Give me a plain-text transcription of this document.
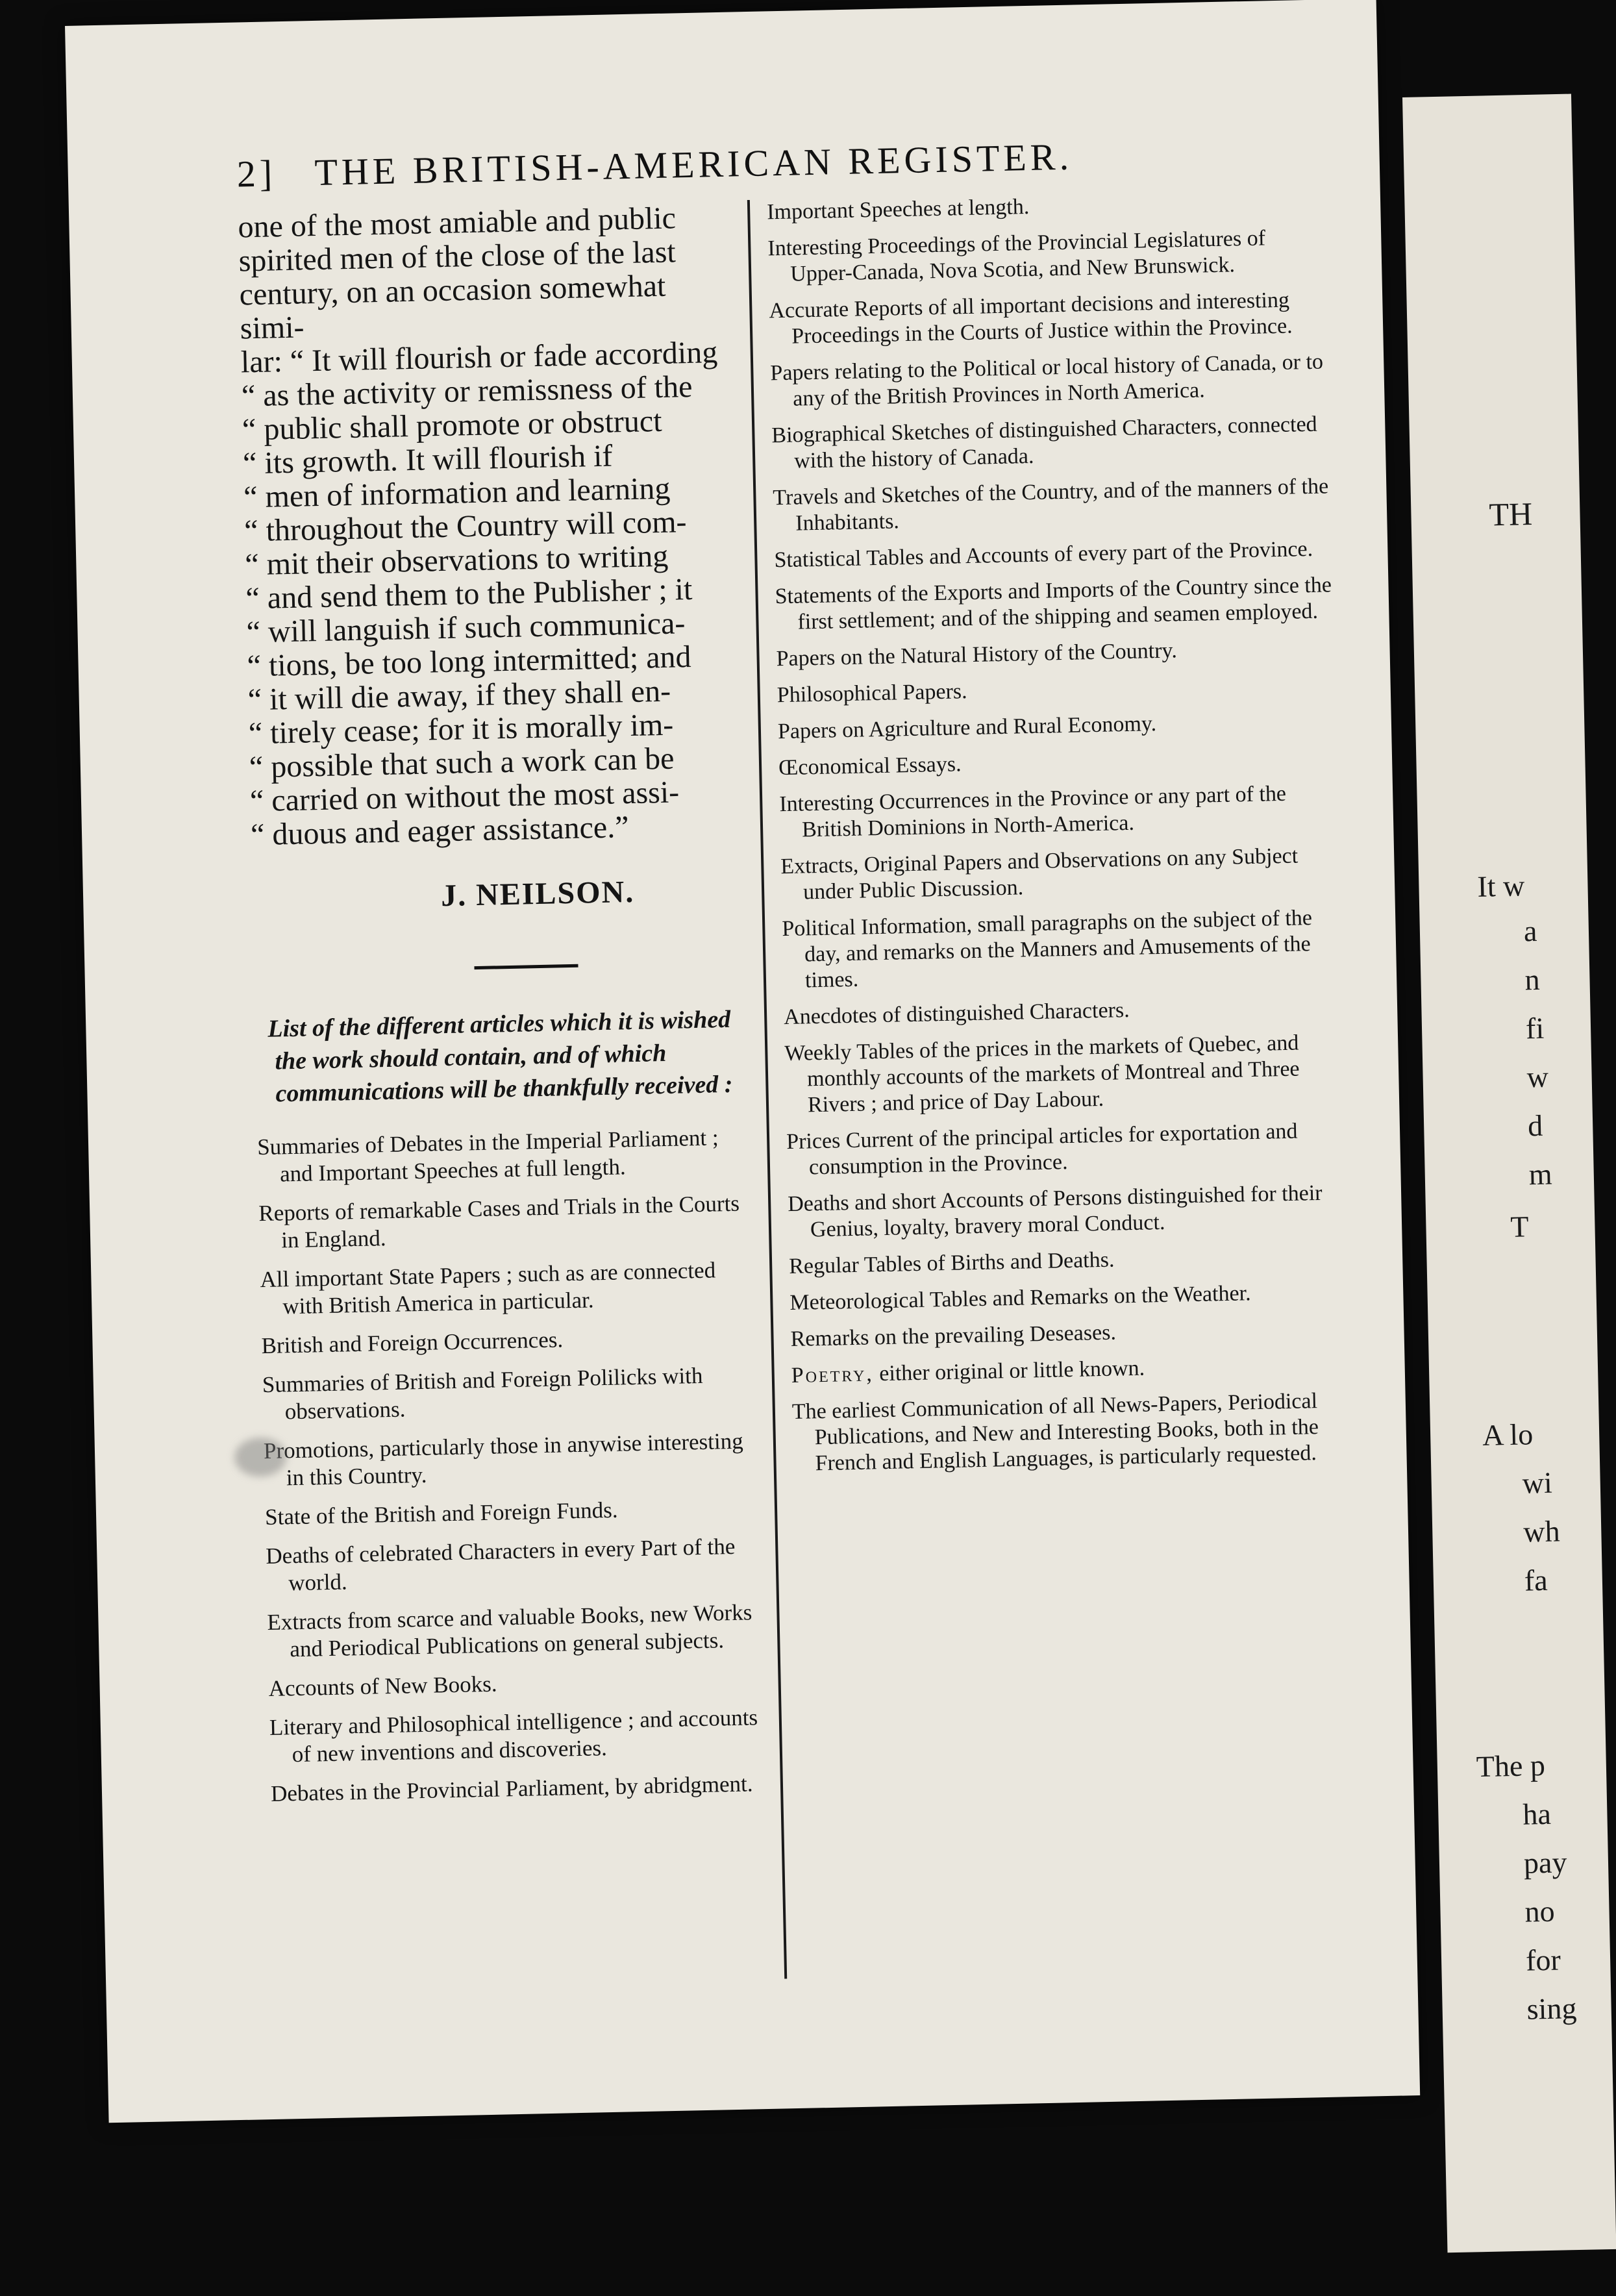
TH
It w
a
n
fi
w
d
m
T
A lo
wi
wh
fa
The p
ha
pay
no
for
sing
2] THE BRITISH-AMERICAN REGISTER.

one of the most amiable and public

spirited men of the close of the last

century, on an occasion somewhat simi-

lar: “ It will flourish or fade according

“ as the activity or remissness of the

“ public shall promote or obstruct

“ its growth. It will flourish if

“ men of information and learning

“ throughout the Country will com-

“ mit their observations to writing

“ and send them to the Publisher ; it

“ will languish if such communica-

“ tions, be too long intermitted; and

“ it will die away, if they shall en-

“ tirely cease; for it is morally im-

“ possible that such a work can be

“ carried on without the most assi-

“ duous and eager assistance.”

J. NEILSON.
List of the different articles which it is wished the work should contain, and of which communications will be thankfully received :
Summaries of Debates in the Imperial Parliament ; and Important Speeches at full length.
Reports of remarkable Cases and Trials in the Courts in England.
All important State Papers ; such as are connected with British America in particular.
British and Foreign Occurrences.
Summaries of British and Foreign Polilicks with observations.
Promotions, particularly those in anywise interesting in this Country.
State of the British and Foreign Funds.
Deaths of celebrated Characters in every Part of the world.
Extracts from scarce and valuable Books, new Works and Periodical Publications on general subjects.
Accounts of New Books.
Literary and Philosophical intelligence ; and accounts of new inventions and discoveries.
Debates in the Provincial Parliament, by abridgment.
Important Speeches at length.
Interesting Proceedings of the Provincial Legislatures of Upper-Canada, Nova Scotia, and New Brunswick.
Accurate Reports of all important decisions and interesting Proceedings in the Courts of Justice within the Province.
Papers relating to the Political or local history of Canada, or to any of the British Provinces in North America.
Biographical Sketches of distinguished Characters, connected with the history of Canada.
Travels and Sketches of the Country, and of the manners of the Inhabitants.
Statistical Tables and Accounts of every part of the Province.
Statements of the Exports and Imports of the Country since the first settlement; and of the shipping and seamen employed.
Papers on the Natural History of the Country.
Philosophical Papers.
Papers on Agriculture and Rural Economy.
Œconomical Essays.
Interesting Occurrences in the Province or any part of the British Dominions in North-America.
Extracts, Original Papers and Observations on any Subject under Public Discussion.
Political Information, small paragraphs on the subject of the day, and remarks on the Manners and Amusements of the times.
Anecdotes of distinguished Characters.
Weekly Tables of the prices in the markets of Quebec, and monthly accounts of the markets of Montreal and Three Rivers ; and price of Day Labour.
Prices Current of the principal articles for exportation and consumption in the Province.
Deaths and short Accounts of Persons distinguished for their Genius, loyalty, bravery moral Conduct.
Regular Tables of Births and Deaths.
Meteorological Tables and Remarks on the Weather.
Remarks on the prevailing Deseases.
Poetry, either original or little known.
The earliest Communication of all News-Papers, Periodical Publications, and New and Interesting Books, both in the French and English Languages, is particularly requested.
